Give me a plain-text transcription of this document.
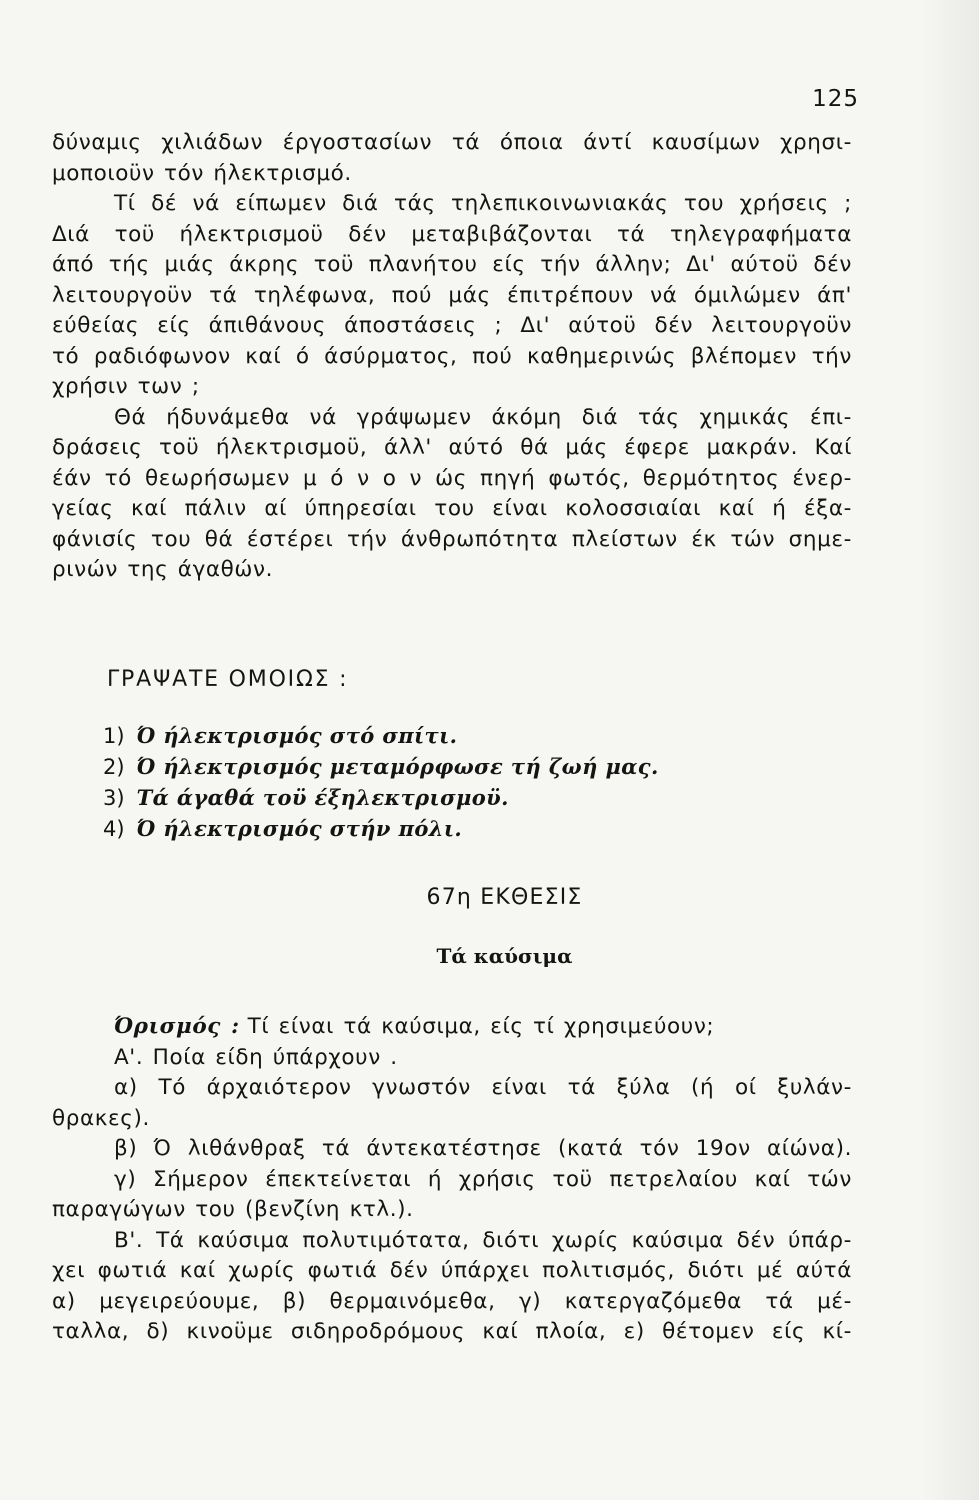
125
δύναμις χιλιάδων έργοστασίων τά όποια άντί καυσίμων χρησι-
μοποιοϋν τόν ήλεκτρισμό.
Τί δέ νά είπωμεν διά τάς τηλεπικοινωνιακάς του χρήσεις ;
Διά τοϋ ήλεκτρισμοϋ δέν μεταβιβάζονται τά τηλεγραφήματα
άπό τής μιάς άκρης τοϋ πλανήτου είς τήν άλλην; Δι' αύτοϋ δέν
λειτουργοϋν τά τηλέφωνα, πού μάς έπιτρέπουν νά όμιλώμεν άπ'
εύθείας είς άπιθάνους άποστάσεις ; Δι' αύτοϋ δέν λειτουργοϋν
τό ραδιόφωνον καί ό άσύρματος, πού καθημερινώς βλέπομεν τήν
χρήσιν των ;
Θά ήδυνάμεθα νά γράψωμεν άκόμη διά τάς χημικάς έπι-
δράσεις τοϋ ήλεκτρισμοϋ, άλλ' αύτό θά μάς έφερε μακράν. Καί
έάν τό θεωρήσωμεν μ ό ν ο ν ώς πηγή φωτός, θερμότητος ένερ-
γείας καί πάλιν αί ύπηρεσίαι του είναι κολοσσιαίαι καί ή έξα-
φάνισίς του θά έστέρει τήν άνθρωπότητα πλείστων έκ τών σημε-
ρινών της άγαθών.
ΓΡΑΨΑΤΕ ΟΜΟΙΩΣ :
1) Ό ήλεκτρισμός στό σπίτι.
2) Ό ήλεκτρισμός μεταμόρφωσε τή ζωή μας.
3) Τά άγαθά τοϋ έξηλεκτρισμοϋ.
4) Ό ήλεκτρισμός στήν πόλι.
67η ΕΚΘΕΣΙΣ
Τά καύσιμα
Όρισμός : Τί είναι τά καύσιμα, είς τί χρησιμεύουν;
Α'. Ποία είδη ύπάρχουν .
α) Τό άρχαιότερον γνωστόν είναι τά ξύλα (ή οί ξυλάν-
θρακες).
β) Ό λιθάνθραξ τά άντεκατέστησε (κατά τόν 19ον αίώνα).
γ) Σήμερον έπεκτείνεται ή χρήσις τοϋ πετρελαίου καί τών
παραγώγων του (βενζίνη κτλ.).
Β'. Τά καύσιμα πολυτιμότατα, διότι χωρίς καύσιμα δέν ύπάρ-
χει φωτιά καί χωρίς φωτιά δέν ύπάρχει πολιτισμός, διότι μέ αύτά
α) μεγειρεύουμε, β) θερμαινόμεθα, γ) κατεργαζόμεθα τά μέ-
ταλλα, δ) κινοϋμε σιδηροδρόμους καί πλοία, ε) θέτομεν είς κί-
